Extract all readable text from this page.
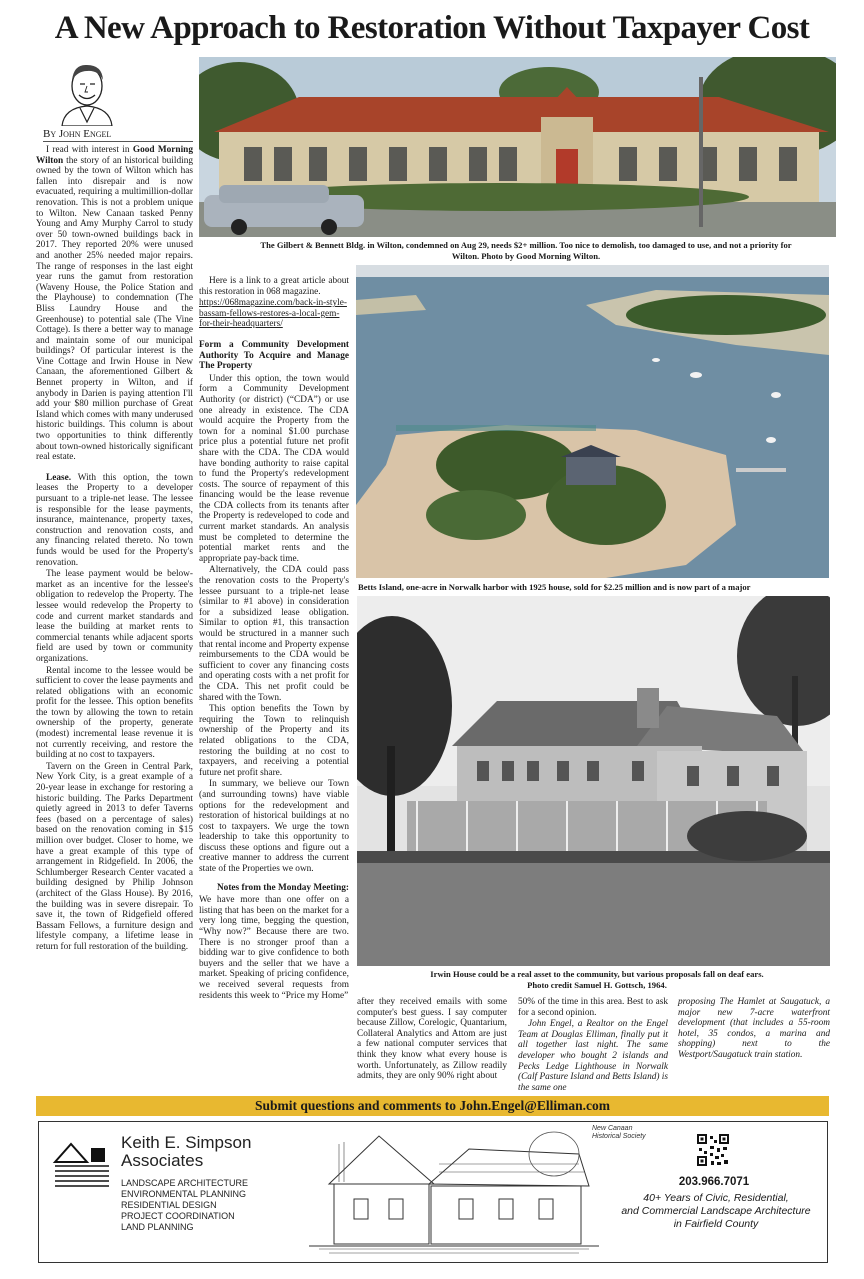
A New Approach to Restoration Without Taxpayer Cost
By John Engel

I read with interest in Good Morning Wilton the story of an historical building owned by the town of Wilton which has fallen into disrepair and is now evacuated, requiring a multimillion-dollar renovation. This is not a problem unique to Wilton. New Canaan tasked Penny Young and Amy Murphy Carrol to study over 50 town-owned buildings back in 2017. They reported 20% were unused and another 25% needed major repairs. The range of responses in the last eight year runs the gamut from restoration (Waveny House, the Police Station and the Playhouse) to condemnation (The Bliss Laundry House and the Greenhouse) to potential sale (The Vine Cottage). Is there a better way to manage and maintain some of our municipal buildings? Of particular interest is the Vine Cottage and Irwin House in New Canaan, the aforementioned Gilbert & Bennet property in Wilton, and if anybody in Darien is paying attention I'll add your $80 million purchase of Great Island which comes with many underused historic buildings. This column is about two opportunities to think differently about town-owned historically significant real estate.

Lease. With this option, the town leases the Property to a developer pursuant to a triple-net lease. The lessee is responsible for the lease payments, insurance, maintenance, property taxes, construction and renovation costs, and any financing related thereto. No town funds would be used for the Property's renovation.

The lease payment would be below-market as an incentive for the lessee's obligation to redevelop the Property. The lessee would redevelop the Property to code and current market standards and lease the building at market rents to commercial tenants while adjacent sports field are used by town or community organizations.

Rental income to the lessee would be sufficient to cover the lease payments and related obligations with an economic profit for the lessee. This option benefits the town by allowing the town to retain ownership of the property, generate (modest) incremental lease revenue it is not currently receiving, and restore the building at no cost to taxpayers.

Tavern on the Green in Central Park, New York City, is a great example of a 20-year lease in exchange for restoring a historic building. The Parks Department quietly agreed in 2013 to defer Taverns fees (based on a percentage of sales) based on the renovation coming in $15 million over budget. Closer to home, we have a great example of this type of arrangement in Ridgefield. In 2006, the Schlumberger Research Center vacated a building designed by Philip Johnson (architect of the Glass House). By 2016, the building was in severe disrepair. To save it, the town of Ridgefield offered Bassam Fellows, a furniture design and lifestyle company, a lifetime lease in return for full restoration of the building.

The Gilbert & Bennett Bldg. in Wilton, condemned on Aug 29, needs $2+ million. Too nice to demolish, too damaged to use, and not a priority for Wilton. Photo by Good Morning Wilton.

Here is a link to a great article about this restoration in 068 magazine.

https://068magazine.com/back-in-style-bassam-fellows-restores-a-local-gem-for-their-headquarters/

Form a Community Development Authority To Acquire and Manage The Property

Under this option, the town would form a Community Development Authority (or district) (“CDA”) or use one already in existence. The CDA would acquire the Property from the town for a nominal $1.00 purchase price plus a potential future net profit share with the CDA. The CDA would have bonding authority to raise capital to fund the Property's redevelopment costs. The source of repayment of this financing would be the lease revenue the CDA collects from its tenants after the Property is redeveloped to code and current market standards. An analysis must be completed to determine the potential market rents and the appropriate pay-back time.

Alternatively, the CDA could pass the renovation costs to the Property's lessee pursuant to a triple-net lease (similar to #1 above) in consideration for a subsidized lease obligation. Similar to option #1, this transaction would be structured in a manner such that rental income and Property expense reimbursements to the CDA would be sufficient to cover any financing costs and operating costs with a net profit for the CDA. This net profit could be shared with the Town.

This option benefits the Town by requiring the Town to relinquish ownership of the Property and its related obligations to the CDA, restoring the building at no cost to taxpayers, and receiving a potential future net profit share.

In summary, we believe our Town (and surrounding towns) have viable options for the redevelopment and restoration of historical buildings at no cost to taxpayers. We urge the town leadership to take this opportunity to discuss these options and figure out a creative manner to address the current state of the Properties we own.

Notes from the Monday Meeting:

We have more than one offer on a listing that has been on the market for a very long time, begging the question, “Why now?” Because there are two. There is no stronger proof than a bidding war to give confidence to both buyers and the seller that we have a market. Speaking of pricing confidence, we received several requests from residents this week to “Price my Home”

Betts Island, one-acre in Norwalk harbor with 1925 house, sold for $2.25 million and is now part of a major
Irwin House could be a real asset to the community, but various proposals fall on deaf ears.
Photo credit Samuel H. Gottsch, 1964.

after they received emails with some computer's best guess. I say computer because Zillow, Corelogic, Quantarium, Collateral Analytics and Attom are just a few national computer services that think they know what every house is worth. Unfortunately, as Zillow readily admits, they are only 90% right about

50% of the time in this area. Best to ask for a second opinion.

John Engel, a Realtor on the Engel Team at Douglas Elliman, finally put it all together last night. The same developer who bought 2 islands and Pecks Ledge Lighthouse in Norwalk (Calf Pasture Island and Betts Island) is the same one

proposing The Hamlet at Saugatuck, a major new 7-acre waterfront development (that includes a 55-room hotel, 35 condos, a marina and shopping) next to the Westport/Saugatuck train station.

Submit questions and comments to John.Engel@Elliman.com
Keith E. Simpson
Associates
LANDSCAPE ARCHITECTURE
ENVIRONMENTAL PLANNING
RESIDENTIAL DESIGN
PROJECT COORDINATION
LAND PLANNING
New Canaan
Historical Society
203.966.7071
40+ Years of Civic, Residential,
and Commercial Landscape Architecture
in Fairfield County
